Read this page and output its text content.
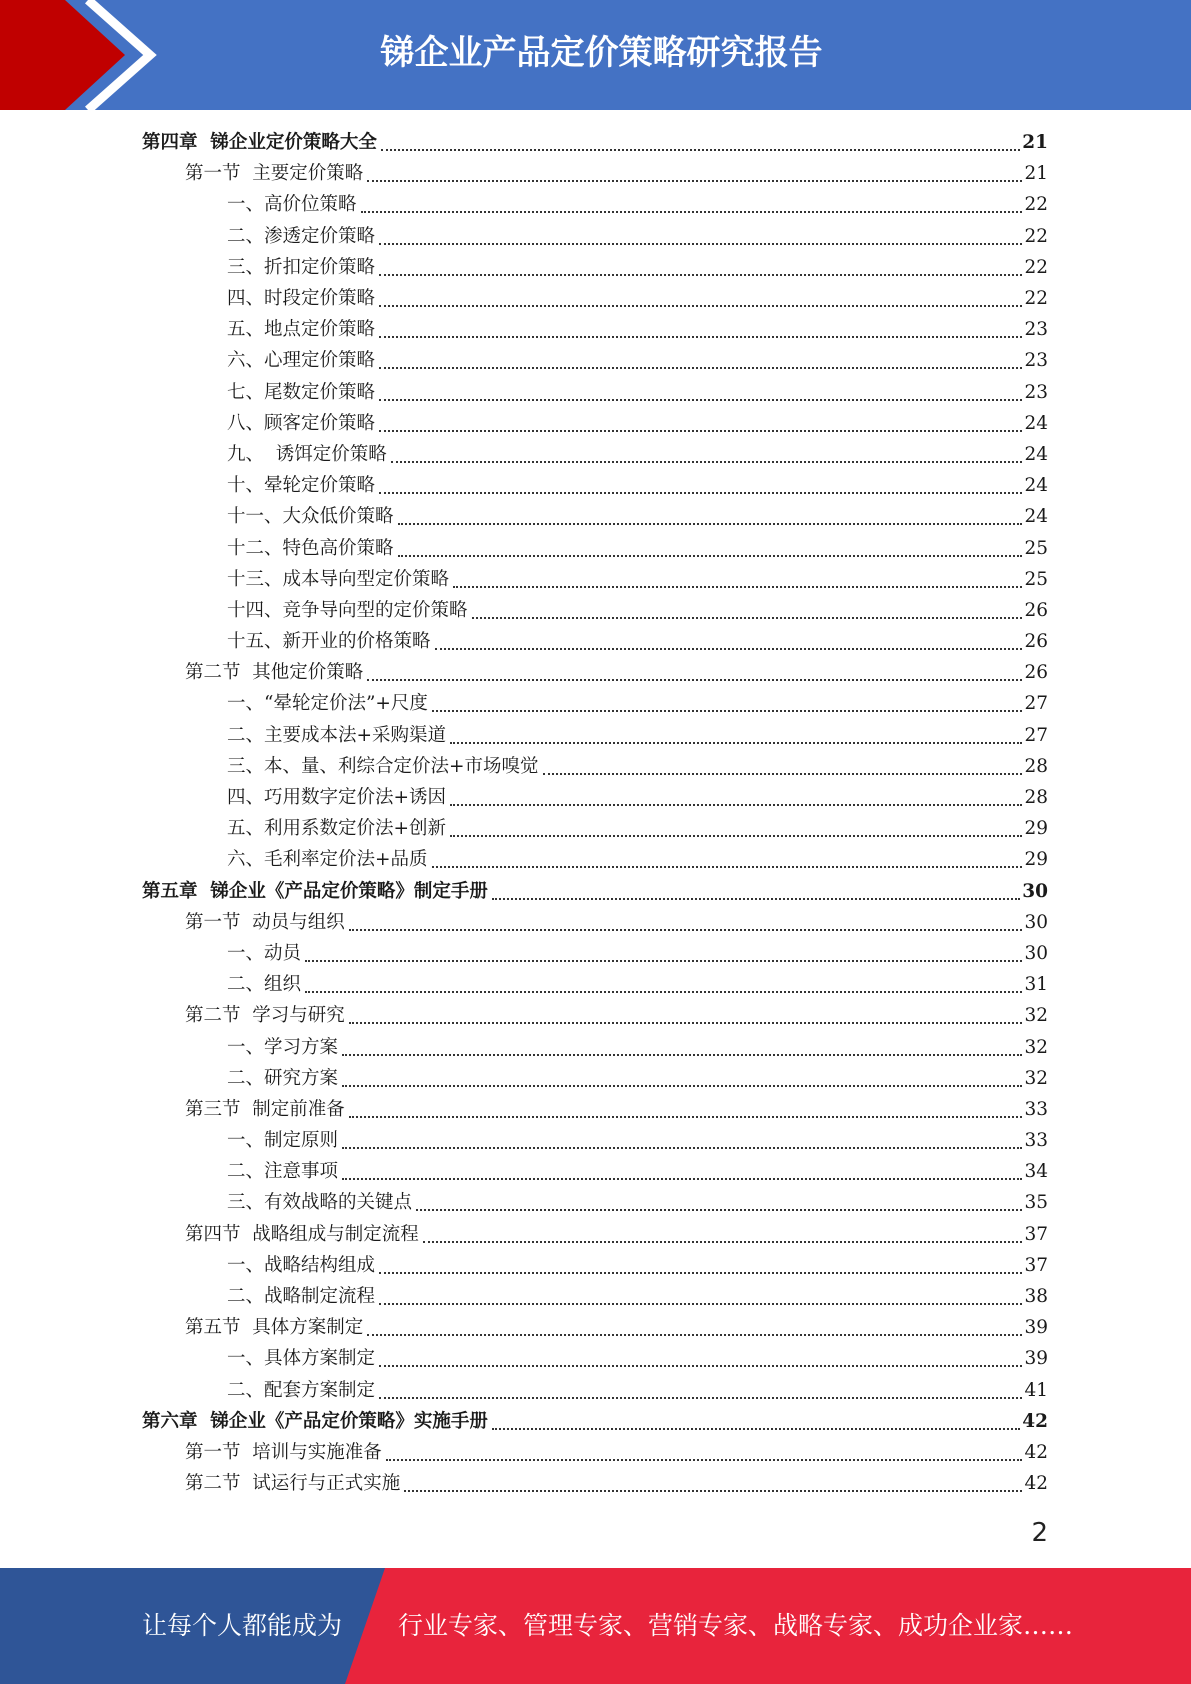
锑企业产品定价策略研究报告
第四章  锑企业定价策略大全	21
第一节  主要定价策略	21
一、高价位策略	22
二、渗透定价策略	22
三、折扣定价策略	22
四、时段定价策略	22
五、地点定价策略	23
六、心理定价策略	23
七、尾数定价策略	23
八、顾客定价策略	24
九、  诱饵定价策略	24
十、晕轮定价策略	24
十一、大众低价策略	24
十二、特色高价策略	25
十三、成本导向型定价策略	25
十四、竞争导向型的定价策略	26
十五、新开业的价格策略	26
第二节  其他定价策略	26
一、“晕轮定价法”+尺度	27
二、主要成本法+采购渠道	27
三、本、量、利综合定价法+市场嗅觉	28
四、巧用数字定价法+诱因	28
五、利用系数定价法+创新	29
六、毛利率定价法+品质	29
第五章  锑企业《产品定价策略》制定手册	30
第一节  动员与组织	30
一、动员	30
二、组织	31
第二节  学习与研究	32
一、学习方案	32
二、研究方案	32
第三节  制定前准备	33
一、制定原则	33
二、注意事项	34
三、有效战略的关键点	35
第四节  战略组成与制定流程	37
一、战略结构组成	37
二、战略制定流程	38
第五节  具体方案制定	39
一、具体方案制定	39
二、配套方案制定	41
第六章  锑企业《产品定价策略》实施手册	42
第一节  培训与实施准备	42
第二节  试运行与正式实施	42
2
让每个人都能成为 行业专家、管理专家、营销专家、战略专家、成功企业家……
